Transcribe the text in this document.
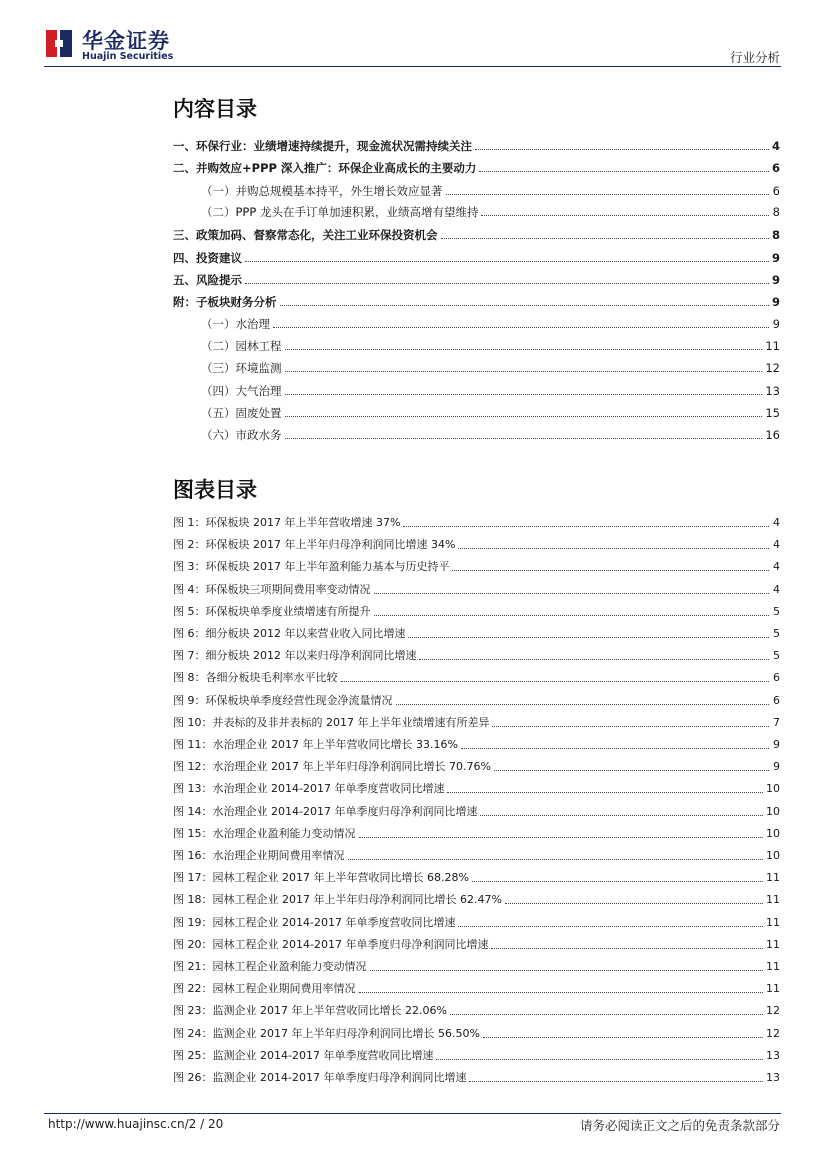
华金证券
Huajin Securities	行业分析
内容目录
一、环保行业：业绩增速持续提升，现金流状况需持续关注	4
二、并购效应+PPP 深入推广：环保企业高成长的主要动力	6
（一）并购总规模基本持平，外生增长效应显著	6
（二）PPP 龙头在手订单加速积累，业绩高增有望维持	8
三、政策加码、督察常态化，关注工业环保投资机会	8
四、投资建议	9
五、风险提示	9
附：子板块财务分析	9
（一）水治理	9
（二）园林工程	11
（三）环境监测	12
（四）大气治理	13
（五）固废处置	15
（六）市政水务	16
图表目录
图 1：环保板块 2017 年上半年营收增速 37%	4
图 2：环保板块 2017 年上半年归母净利润同比增速 34%	4
图 3：环保板块 2017 年上半年盈利能力基本与历史持平	4
图 4：环保板块三项期间费用率变动情况	4
图 5：环保板块单季度业绩增速有所提升	5
图 6：细分板块 2012 年以来营业收入同比增速	5
图 7：细分板块 2012 年以来归母净利润同比增速	5
图 8：各细分板块毛利率水平比较	6
图 9：环保板块单季度经营性现金净流量情况	6
图 10：并表标的及非并表标的 2017 年上半年业绩增速有所差异	7
图 11：水治理企业 2017 年上半年营收同比增长 33.16%	9
图 12：水治理企业 2017 年上半年归母净利润同比增长 70.76%	9
图 13：水治理企业 2014-2017 年单季度营收同比增速	10
图 14：水治理企业 2014-2017 年单季度归母净利润同比增速	10
图 15：水治理企业盈利能力变动情况	10
图 16：水治理企业期间费用率情况	10
图 17：园林工程企业 2017 年上半年营收同比增长 68.28%	11
图 18：园林工程企业 2017 年上半年归母净利润同比增长 62.47%	11
图 19：园林工程企业 2014-2017 年单季度营收同比增速	11
图 20：园林工程企业 2014-2017 年单季度归母净利润同比增速	11
图 21：园林工程企业盈利能力变动情况	11
图 22：园林工程企业期间费用率情况	11
图 23：监测企业 2017 年上半年营收同比增长 22.06%	12
图 24：监测企业 2017 年上半年归母净利润同比增长 56.50%	12
图 25：监测企业 2014-2017 年单季度营收同比增速	13
图 26：监测企业 2014-2017 年单季度归母净利润同比增速	13
http://www.huajinsc.cn/2 / 20	请务必阅读正文之后的免责条款部分
